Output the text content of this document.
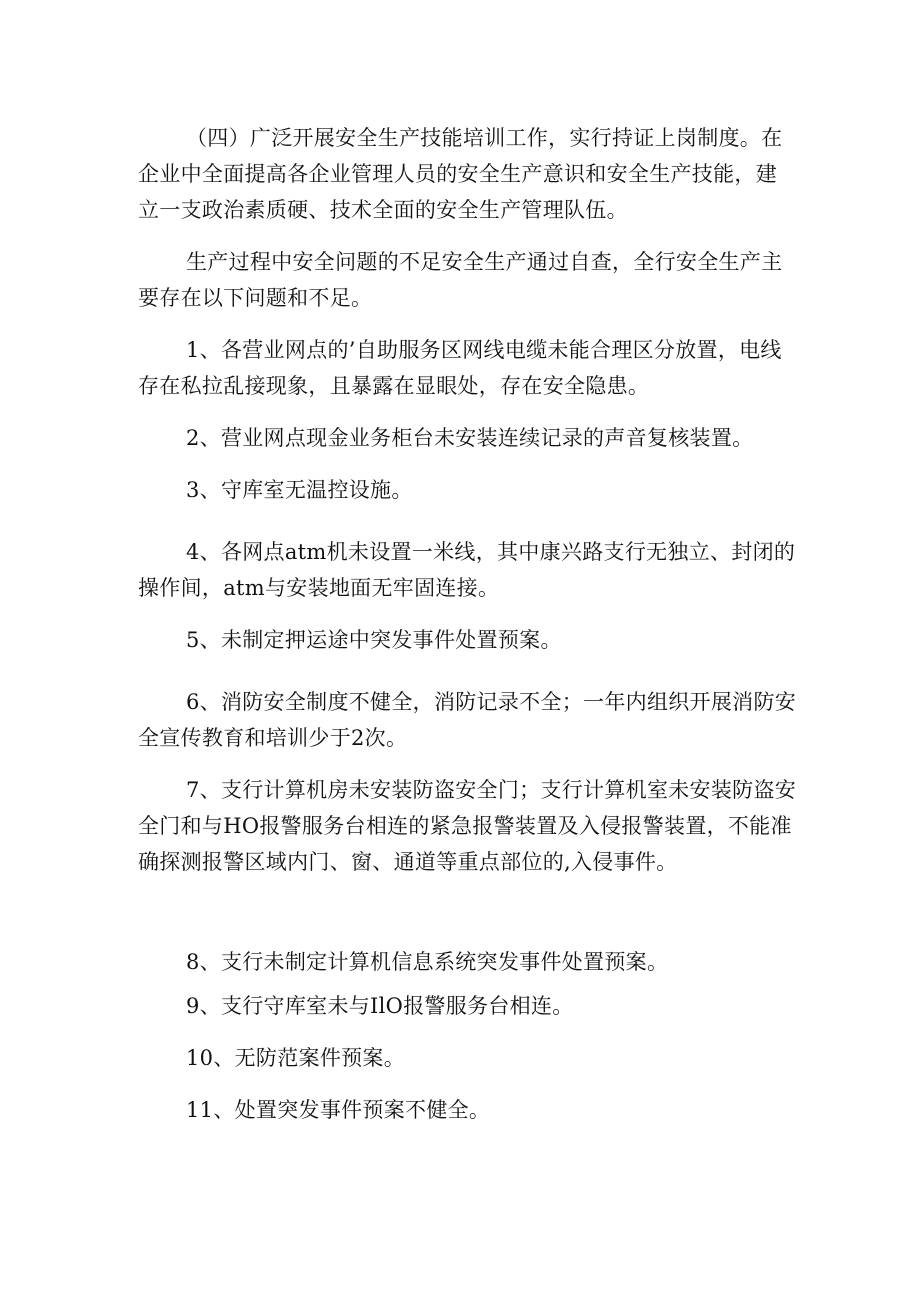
（四）广泛开展安全生产技能培训工作，实行持证上岗制度。在企业中全面提高各企业管理人员的安全生产意识和安全生产技能，建立一支政治素质硬、技术全面的安全生产管理队伍。

生产过程中安全问题的不足安全生产通过自查，全行安全生产主要存在以下问题和不足。

1、各营业网点的’自助服务区网线电缆未能合理区分放置，电线存在私拉乱接现象，且暴露在显眼处，存在安全隐患。

2、营业网点现金业务柜台未安装连续记录的声音复核装置。

3、守库室无温控设施。

4、各网点atm机未设置一米线，其中康兴路支行无独立、封闭的操作间，atm与安装地面无牢固连接。

5、未制定押运途中突发事件处置预案。

6、消防安全制度不健全，消防记录不全；一年内组织开展消防安全宣传教育和培训少于2次。

7、支行计算机房未安装防盗安全门；支行计算机室未安装防盗安全门和与HO报警服务台相连的紧急报警装置及入侵报警装置，不能准确探测报警区域内门、窗、通道等重点部位的,入侵事件。

8、支行未制定计算机信息系统突发事件处置预案。

9、支行守库室未与IlO报警服务台相连。

10、无防范案件预案。

11、处置突发事件预案不健全。
